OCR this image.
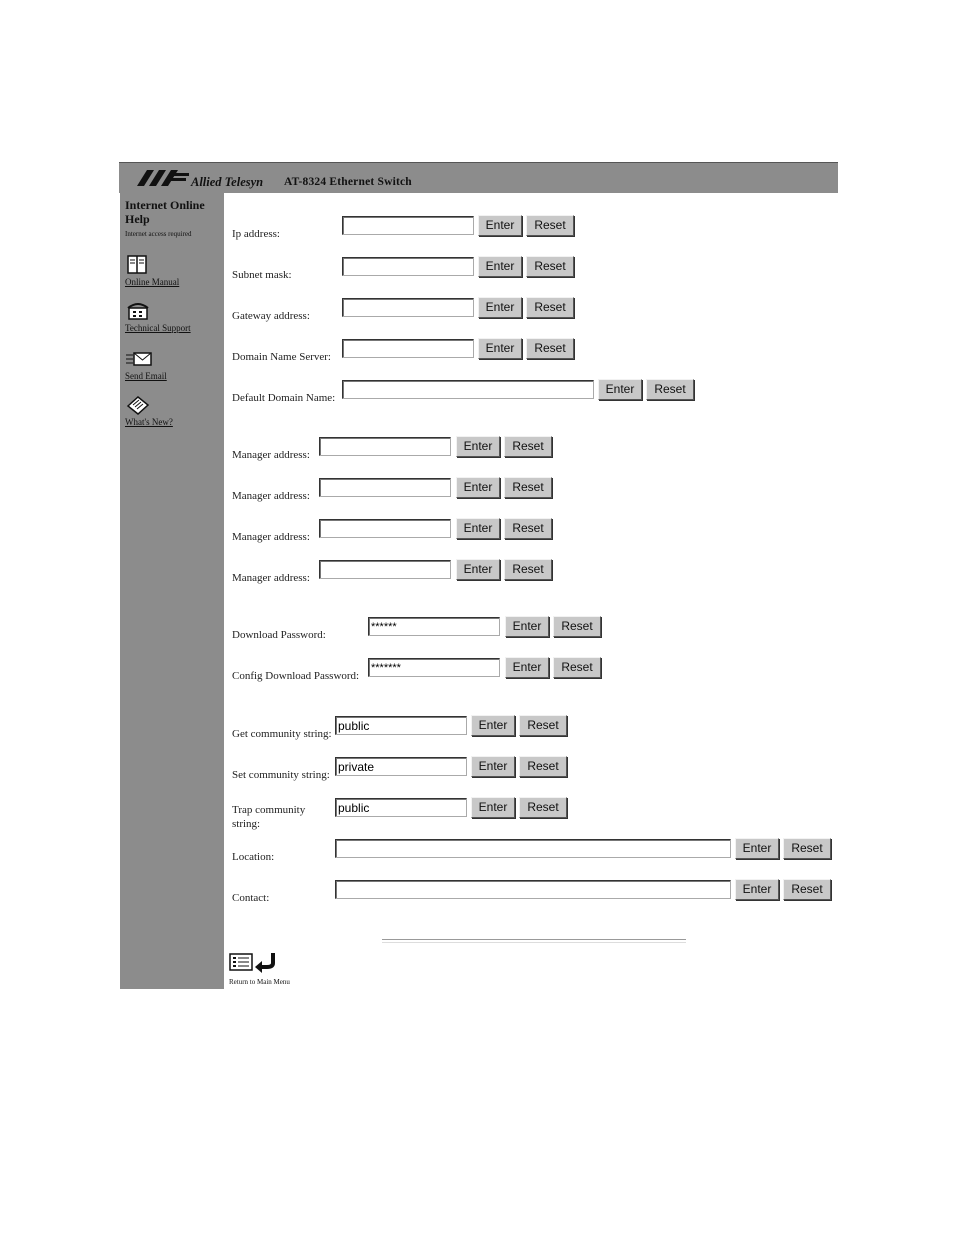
Allied Telesyn AT-8324 Ethernet Switch
Internet Online Help
Internet access required
Online Manual
Technical Support
Send Email
What's New?
Ip address:
Enter	Reset
Subnet mask:
Enter	Reset
Gateway address:
Enter	Reset
Domain Name Server:
Enter	Reset
Default Domain Name:
Enter	Reset
Manager address:
Enter	Reset
Manager address:
Enter	Reset
Manager address:
Enter	Reset
Manager address:
Enter	Reset
Download Password:
******
Enter	Reset
Config Download Password:
*******
Enter	Reset
Get community string:
public
Enter	Reset
Set community string:
private
Enter	Reset
Trap community string:
public
Enter	Reset
Location:
Enter	Reset
Contact:
Enter	Reset
Return to Main Menu
